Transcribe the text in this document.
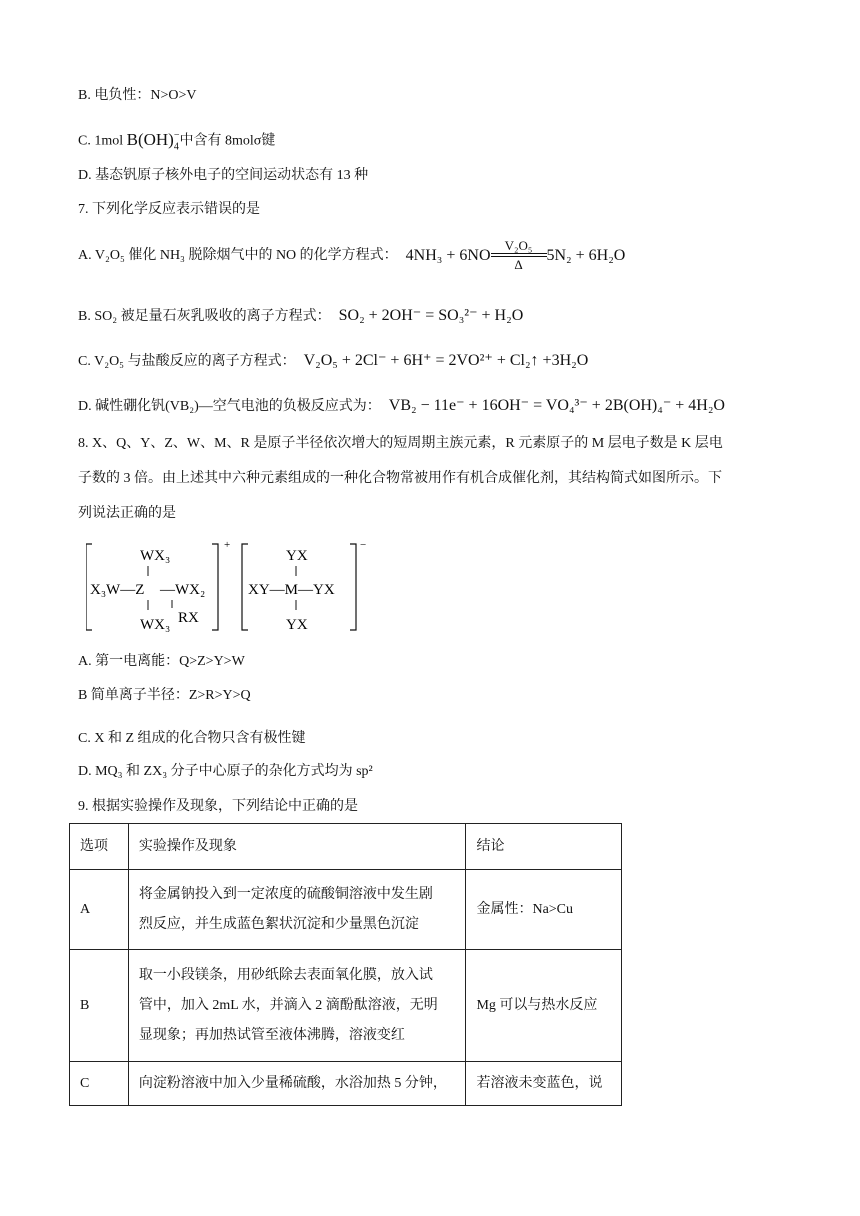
B. 电负性：N>O>V
C. 1mol $B(OH)_4^-$中含有 8molσ键
D. 基态钒原子核外电子的空间运动状态有 13 种
7. 下列化学反应表示错误的是
A. V₂O₅ 催化 NH₃ 脱除烟气中的 NO 的化学方程式： 4NH₃ + 6NO
V₂O₅
Δ
5N₂ + 6H₂O
B. SO₂ 被足量石灰乳吸收的离子方程式： SO₂ + 2OH⁻ = SO₃²⁻ + H₂O
C. V₂O₅ 与盐酸反应的离子方程式： V₂O₅ + 2Cl⁻ + 6H⁺ = 2VO²⁺ + Cl₂↑ +3H₂O
D. 碱性硼化钒(VB₂)—空气电池的负极反应式为： VB₂ − 11e⁻ + 16OH⁻ = VO₄³⁻ + 2B(OH)₄⁻ + 4H₂O
8. X、Q、Y、Z、W、M、R 是原子半径依次增大的短周期主族元素，R 元素原子的 M 层电子数是 K 层电
子数的 3 倍。由上述其中六种元素组成的一种化合物常被用作有机合成催化剂，其结构简式如图所示。下
列说法正确的是
+
WX₃
X₃W—Z —WX₂
WX₃ RX
−
YX
XY—M—YX
YX
A. 第一电离能：Q>Z>Y>W
B 简单离子半径：Z>R>Y>Q
C. X 和 Z 组成的化合物只含有极性键
D. MQ₃ 和 ZX₃ 分子中心原子的杂化方式均为 sp²
9. 根据实验操作及现象，下列结论中正确的是
选项	实验操作及现象	结论
A	将金属钠投入到一定浓度的硫酸铜溶液中发生剧
烈反应，并生成蓝色絮状沉淀和少量黑色沉淀	金属性：Na>Cu
B	取一小段镁条，用砂纸除去表面氧化膜，放入试
管中，加入 2mL 水，并滴入 2 滴酚酞溶液，无明
显现象；再加热试管至液体沸腾，溶液变红	Mg 可以与热水反应
C	向淀粉溶液中加入少量稀硫酸，水浴加热 5 分钟，	若溶液未变蓝色，说
